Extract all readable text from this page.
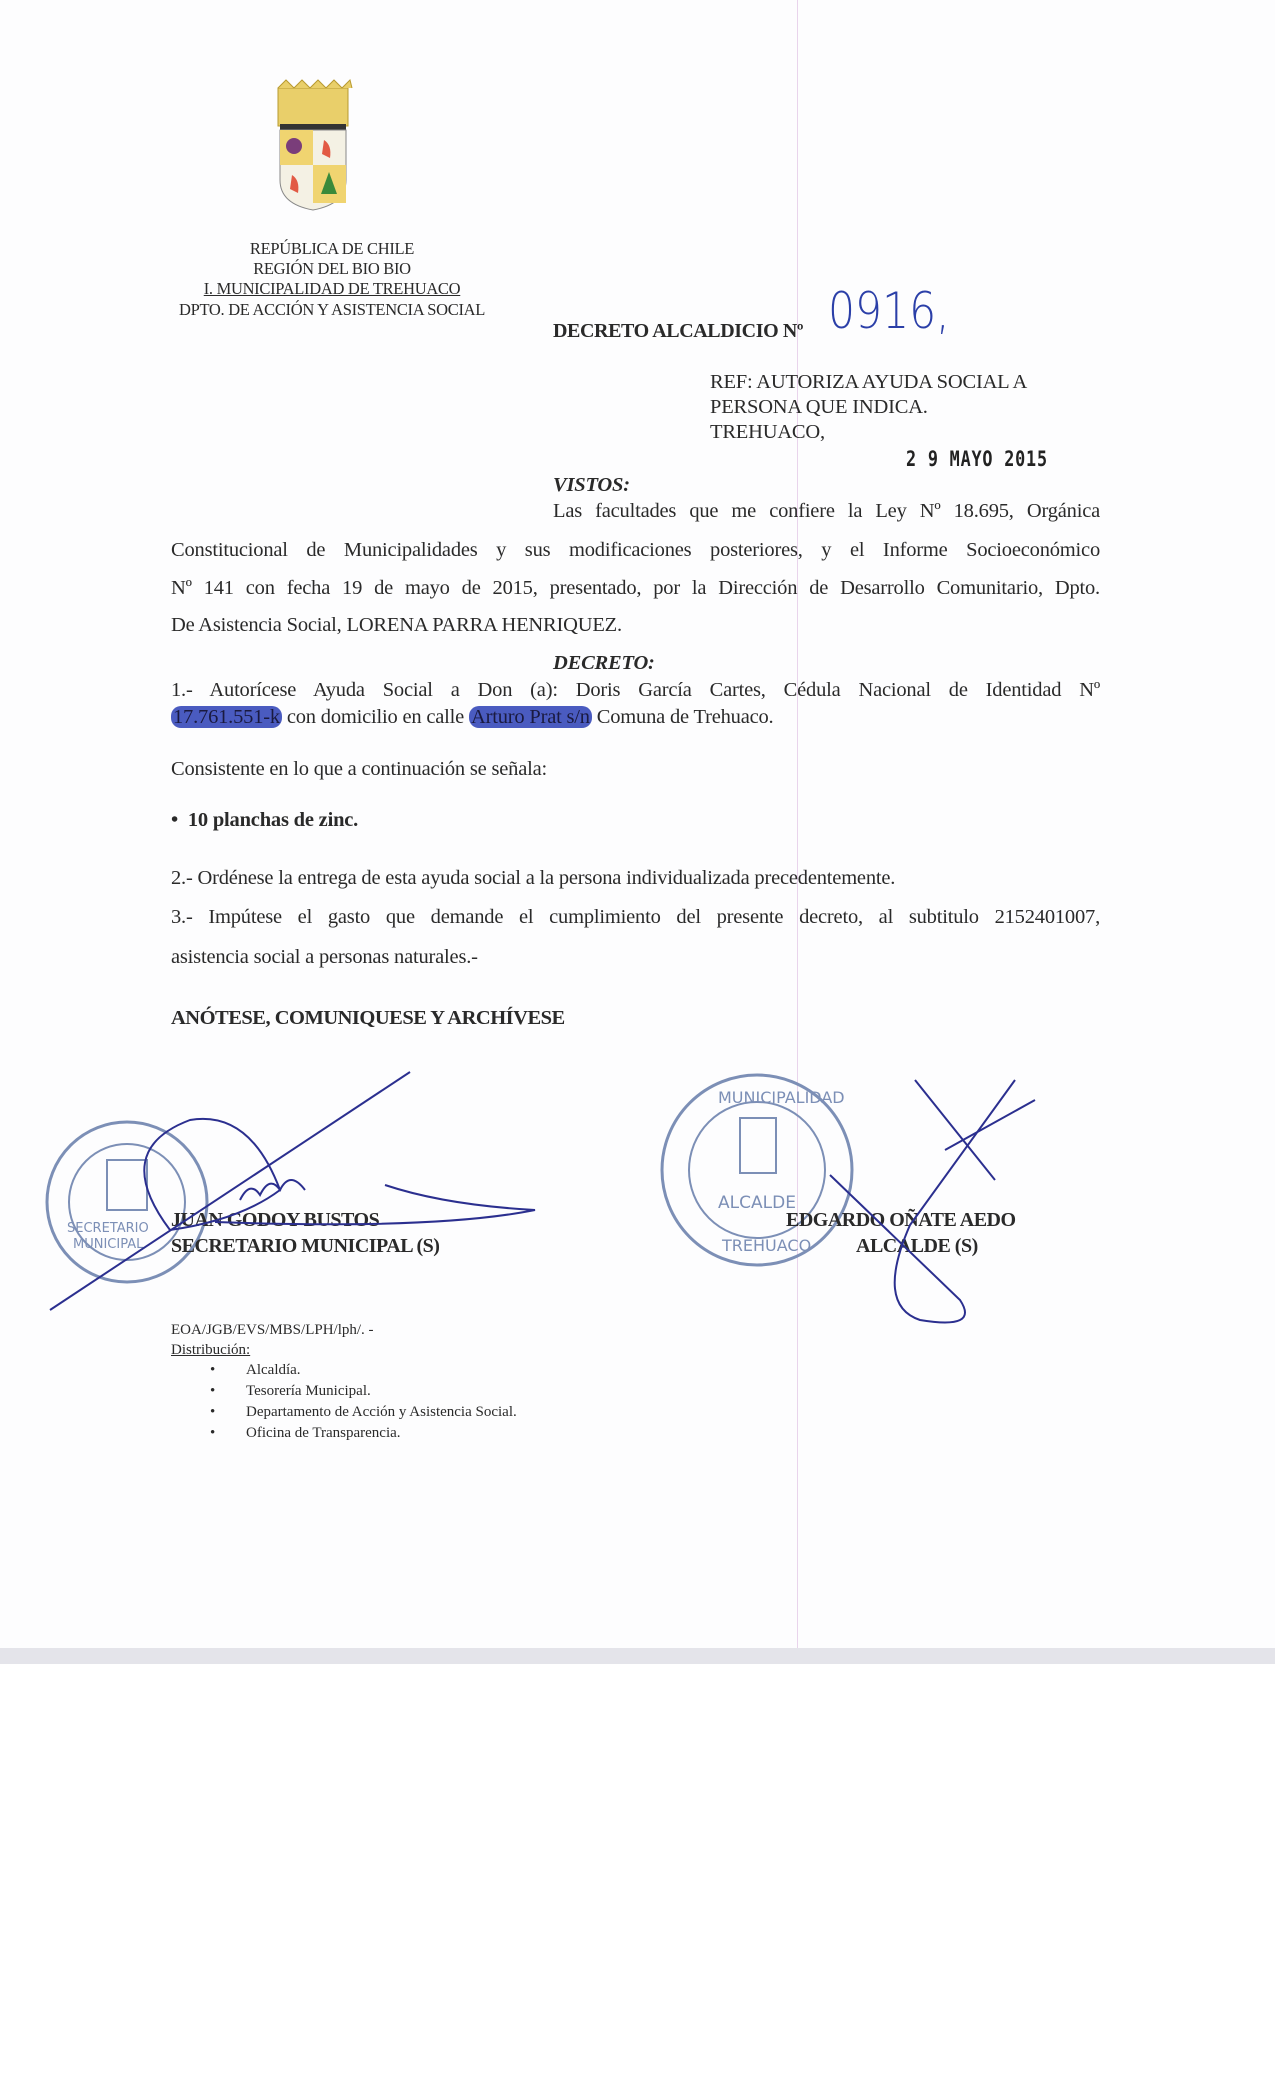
REPÚBLICA DE CHILE
REGIÓN DEL BIO BIO
I. MUNICIPALIDAD DE TREHUACO
DPTO. DE ACCIÓN Y ASISTENCIA SOCIAL
DECRETO ALCALDICIO Nº 0916,
REF: AUTORIZA AYUDA SOCIAL A
PERSONA QUE INDICA.
TREHUACO,
2 9 MAYO 2015
VISTOS:
Las facultades que me confiere la Ley Nº 18.695, Orgánica
Constitucional de Municipalidades y sus modificaciones posteriores, y el Informe Socioeconómico
Nº 141 con fecha 19 de mayo de 2015, presentado, por la Dirección de Desarrollo Comunitario, Dpto.
De Asistencia Social, LORENA PARRA HENRIQUEZ.
DECRETO:
1.- Autorícese Ayuda Social a Don (a): Doris García Cartes, Cédula Nacional de Identidad Nº
17.761.551-k con domicilio en calle Arturo Prat s/n Comuna de Trehuaco.
Consistente en lo que a continuación se señala:
•  10 planchas de zinc.
2.- Ordénese la entrega de esta ayuda social a la persona individualizada precedentemente.
3.- Impútese el gasto que demande el cumplimiento del presente decreto, al subtitulo 2152401007,
asistencia social a personas naturales.-
ANÓTESE, COMUNIQUESE Y ARCHÍVESE
SECRETARIO
MUNICIPAL
ALCALDE
TREHUACO
MUNICIPALIDAD
JUAN GODOY BUSTOS
SECRETARIO MUNICIPAL (S)
EDGARDO OÑATE AEDO
ALCALDE (S)
EOA/JGB/EVS/MBS/LPH/lph/. -
Distribución:
• Alcaldía.
• Tesorería Municipal.
• Departamento de Acción y Asistencia Social.
• Oficina de Transparencia.
